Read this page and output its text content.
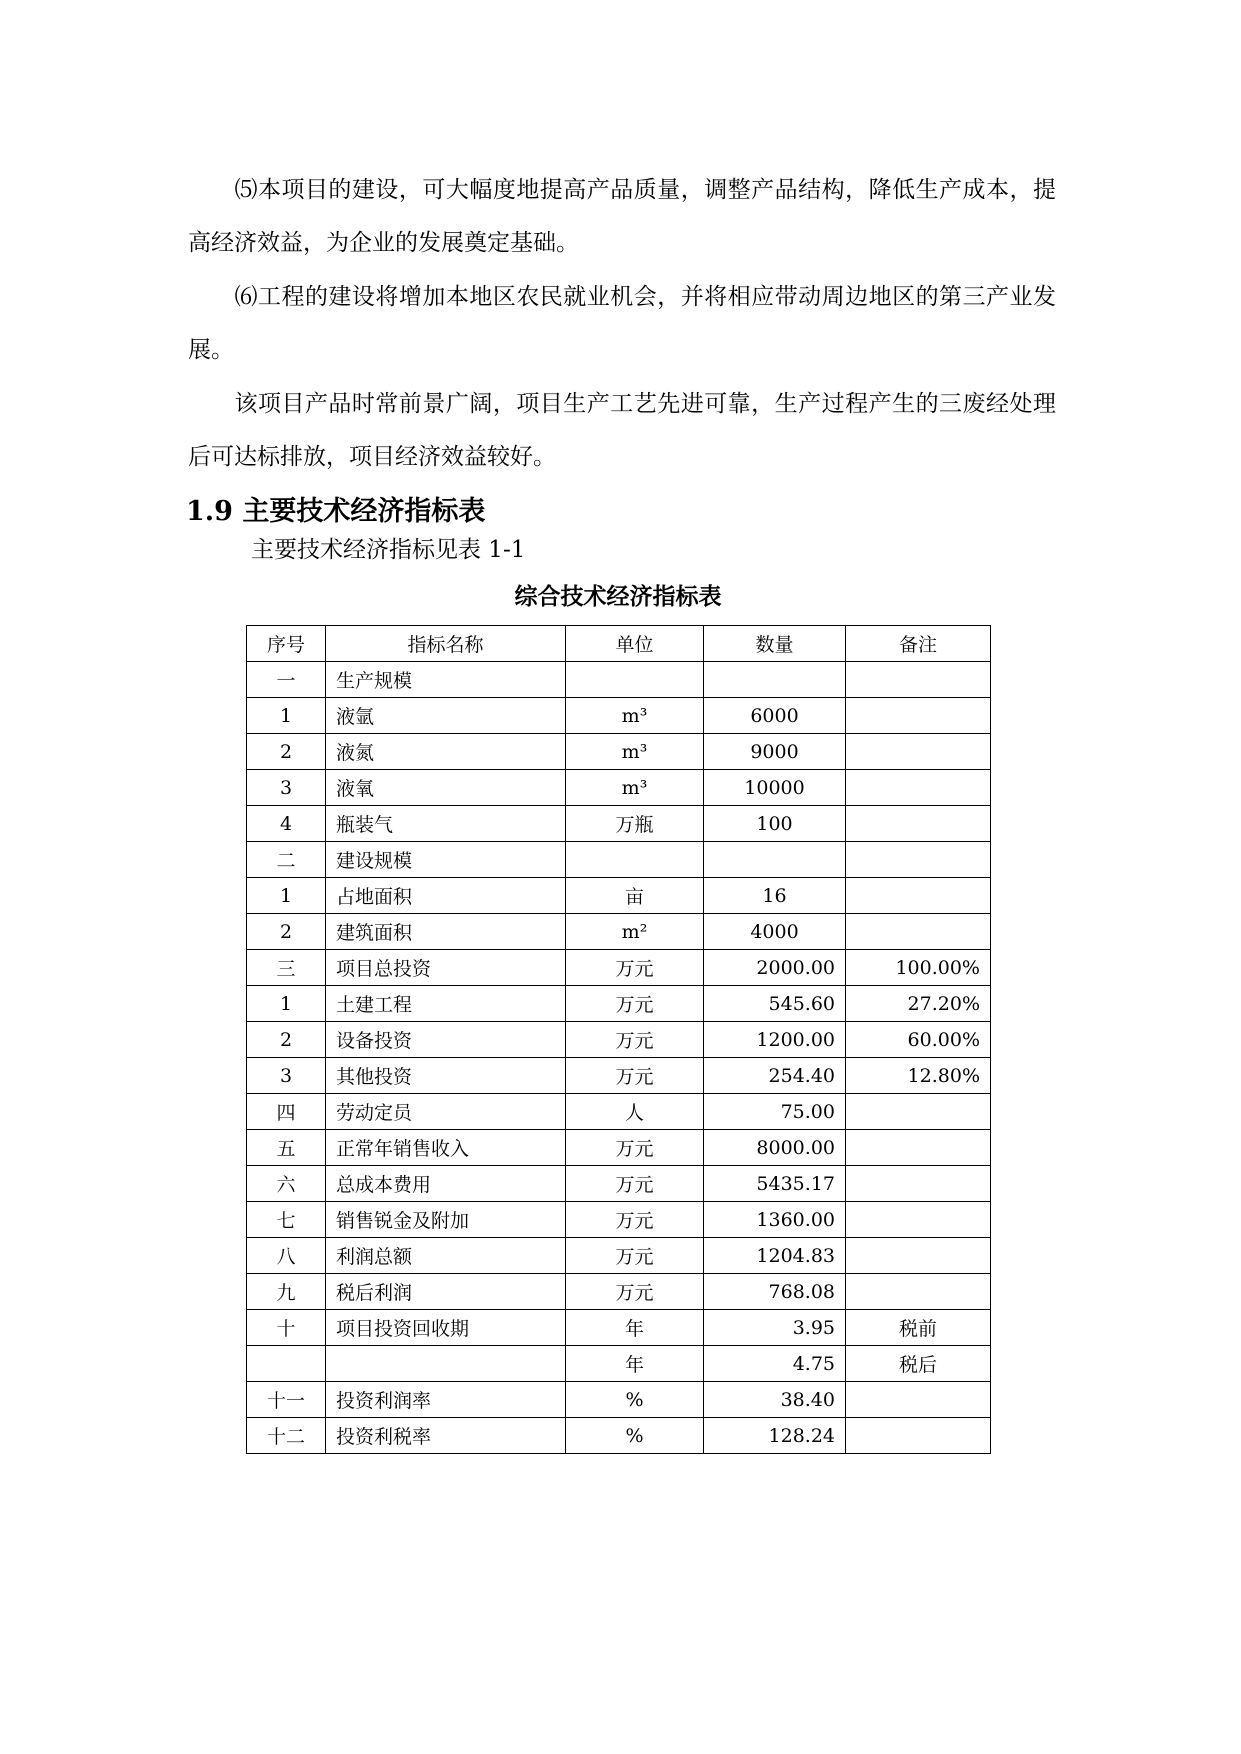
⑸本项目的建设，可大幅度地提高产品质量，调整产品结构，降低生产成本，提高经济效益，为企业的发展奠定基础。

⑹工程的建设将增加本地区农民就业机会，并将相应带动周边地区的第三产业发展。

该项目产品时常前景广阔，项目生产工艺先进可靠，生产过程产生的三废经处理后可达标排放，项目经济效益较好。

1.9 主要技术经济指标表

主要技术经济指标见表 1-1

综合技术经济指标表

序号	指标名称	单位	数量	备注
一	生产规模			
1	液氩	m³	6000	
2	液氮	m³	9000	
3	液氧	m³	10000	
4	瓶装气	万瓶	100	
二	建设规模			
1	占地面积	亩	16	
2	建筑面积	m²	4000	
三	项目总投资	万元	2000.00	100.00%
1	土建工程	万元	545.60	27.20%
2	设备投资	万元	1200.00	60.00%
3	其他投资	万元	254.40	12.80%
四	劳动定员	人	75.00	
五	正常年销售收入	万元	8000.00	
六	总成本费用	万元	5435.17	
七	销售锐金及附加	万元	1360.00	
八	利润总额	万元	1204.83	
九	税后利润	万元	768.08	
十	项目投资回收期	年	3.95	税前
		年	4.75	税后
十一	投资利润率	%	38.40	
十二	投资利税率	%	128.24	
